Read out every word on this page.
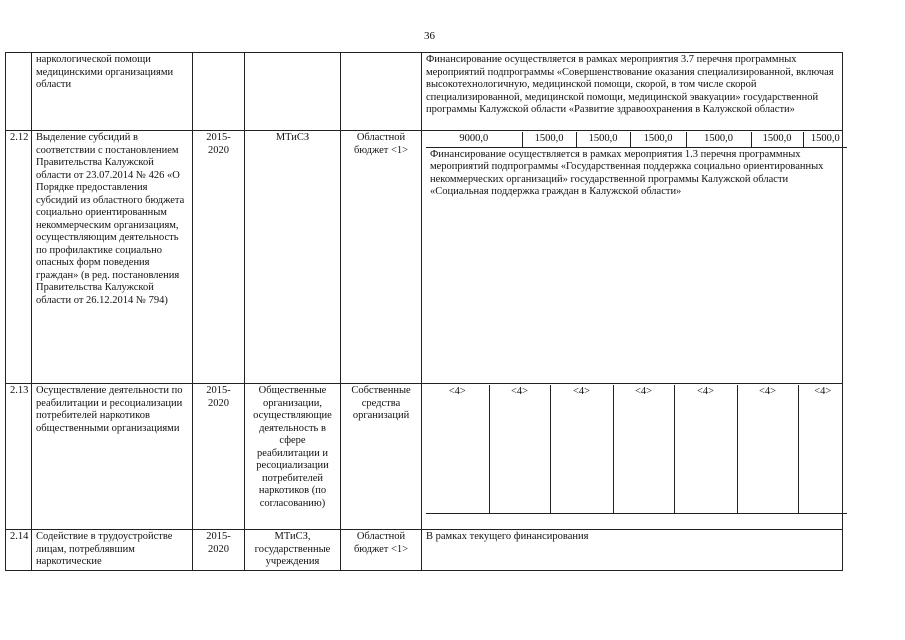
36
	наркологической помощи медицинскими организациями области				Финансирование осуществляется в рамках мероприятия 3.7 перечня программных мероприятий подпрограммы «Совершенствование оказания специализированной, включая высокотехнологичную, медицинской помощи, скорой, в том числе скорой специализированной, медицинской помощи, медицинской эвакуации» государственной программы Калужской области «Развитие здравоохранения в Калужской области»
2.12	Выделение субсидий в соответствии с постановлением Правительства Калужской области от 23.07.2014 № 426 «О Порядке предоставления субсидий из областного бюджета социально ориентированным некоммерческим организациям, осуществляющим деятельность по профилактике социально опасных форм поведения граждан» (в ред. постановления Правительства Калужской области от 26.12.2014 № 794)	2015-2020	МТиСЗ	Областной бюджет <1>	
9000,0	1500,0	1500,0	1500,0	1500,0	1500,0	1500,0
Финансирование осуществляется в рамках мероприятия 1.3 перечня программных мероприятий подпрограммы «Государственная поддержка социально ориентированных некоммерческих организаций» государственной программы Калужской области «Социальная поддержка граждан в Калужской области»

2.13	Осуществление деятельности по реабилитации и ресоциализации потребителей наркотиков общественными организациями	2015-2020	Общественные организации, осуществляющие деятельность в сфере реабилитации и ресоциализации потребителей наркотиков (по согласованию)	Собственные средства организаций	
<4>	<4>	<4>	<4>	<4>	<4>	<4>

2.14	Содействие в трудоустройстве лицам, потреблявшим наркотические	2015-2020	МТиСЗ, государственные учреждения	Областной бюджет <1>	В рамках текущего финансирования
